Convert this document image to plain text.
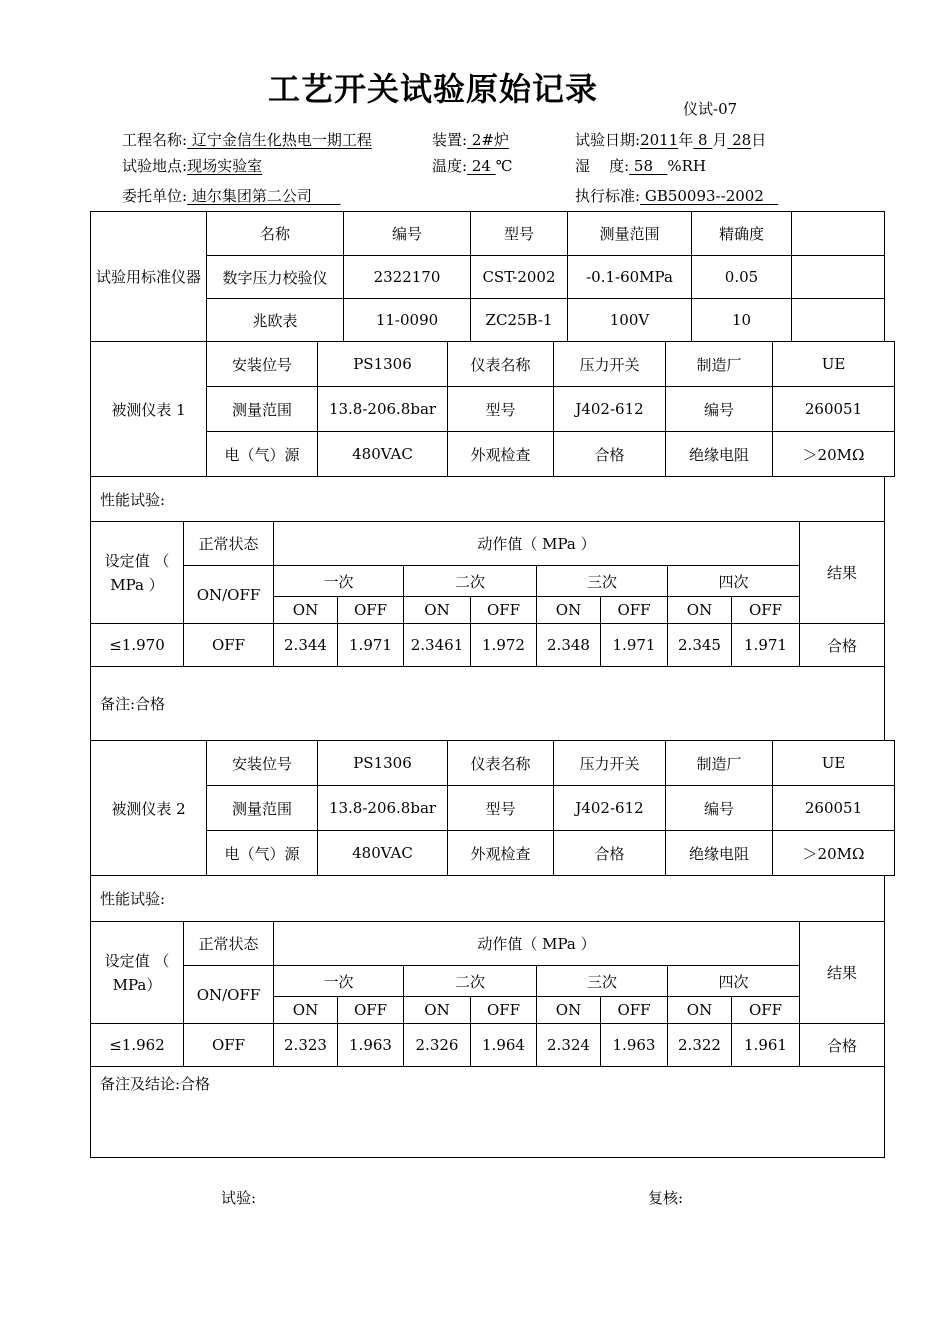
工艺开关试验原始记录
仪试-07
工程名称: 辽宁金信生化热电一期工程	装置: 2#炉	试验日期:2011年 8 月 28日
试验地点:现场实验室	温度: 24 ℃	湿    度: 58   %RH
委托单位: 迪尔集团第二公司	执行标准: GB50093--2002
试验用标准仪器	名称	编号	型号	测量范围	精确度	
	数字压力校验仪	2322170	CST-2002	-0.1-60MPa	0.05	
	兆欧表	11-0090	ZC25B-1	100V	10	
被测仪表 1	安装位号	PS1306	仪表名称	压力开关	制造厂	UE
	测量范围	13.8-206.8bar	型号	J402-612	编号	260051
	电（气）源	480VAC	外观检查	合格	绝缘电阻	＞20MΩ
性能试验:										
设定值 （ MPa ）	正常状态	动作值（ MPa ）								结果
	ON/OFF	一次		二次		三次		四次		
		ON	OFF	ON	OFF	ON	OFF	ON	OFF	
≤1.970	OFF	2.344	1.971	2.3461	1.972	2.348	1.971	2.345	1.971	合格
备注:合格										
被测仪表 2	安装位号	PS1306	仪表名称	压力开关	制造厂	UE
	测量范围	13.8-206.8bar	型号	J402-612	编号	260051
	电（气）源	480VAC	外观检查	合格	绝缘电阻	＞20MΩ
性能试验:										
设定值 （ MPa）	正常状态	动作值（ MPa ）								结果
	ON/OFF	一次		二次		三次		四次		
		ON	OFF	ON	OFF	ON	OFF	ON	OFF	
≤1.962	OFF	2.323	1.963	2.326	1.964	2.324	1.963	2.322	1.961	合格
备注及结论:合格										
试验:	复核:
